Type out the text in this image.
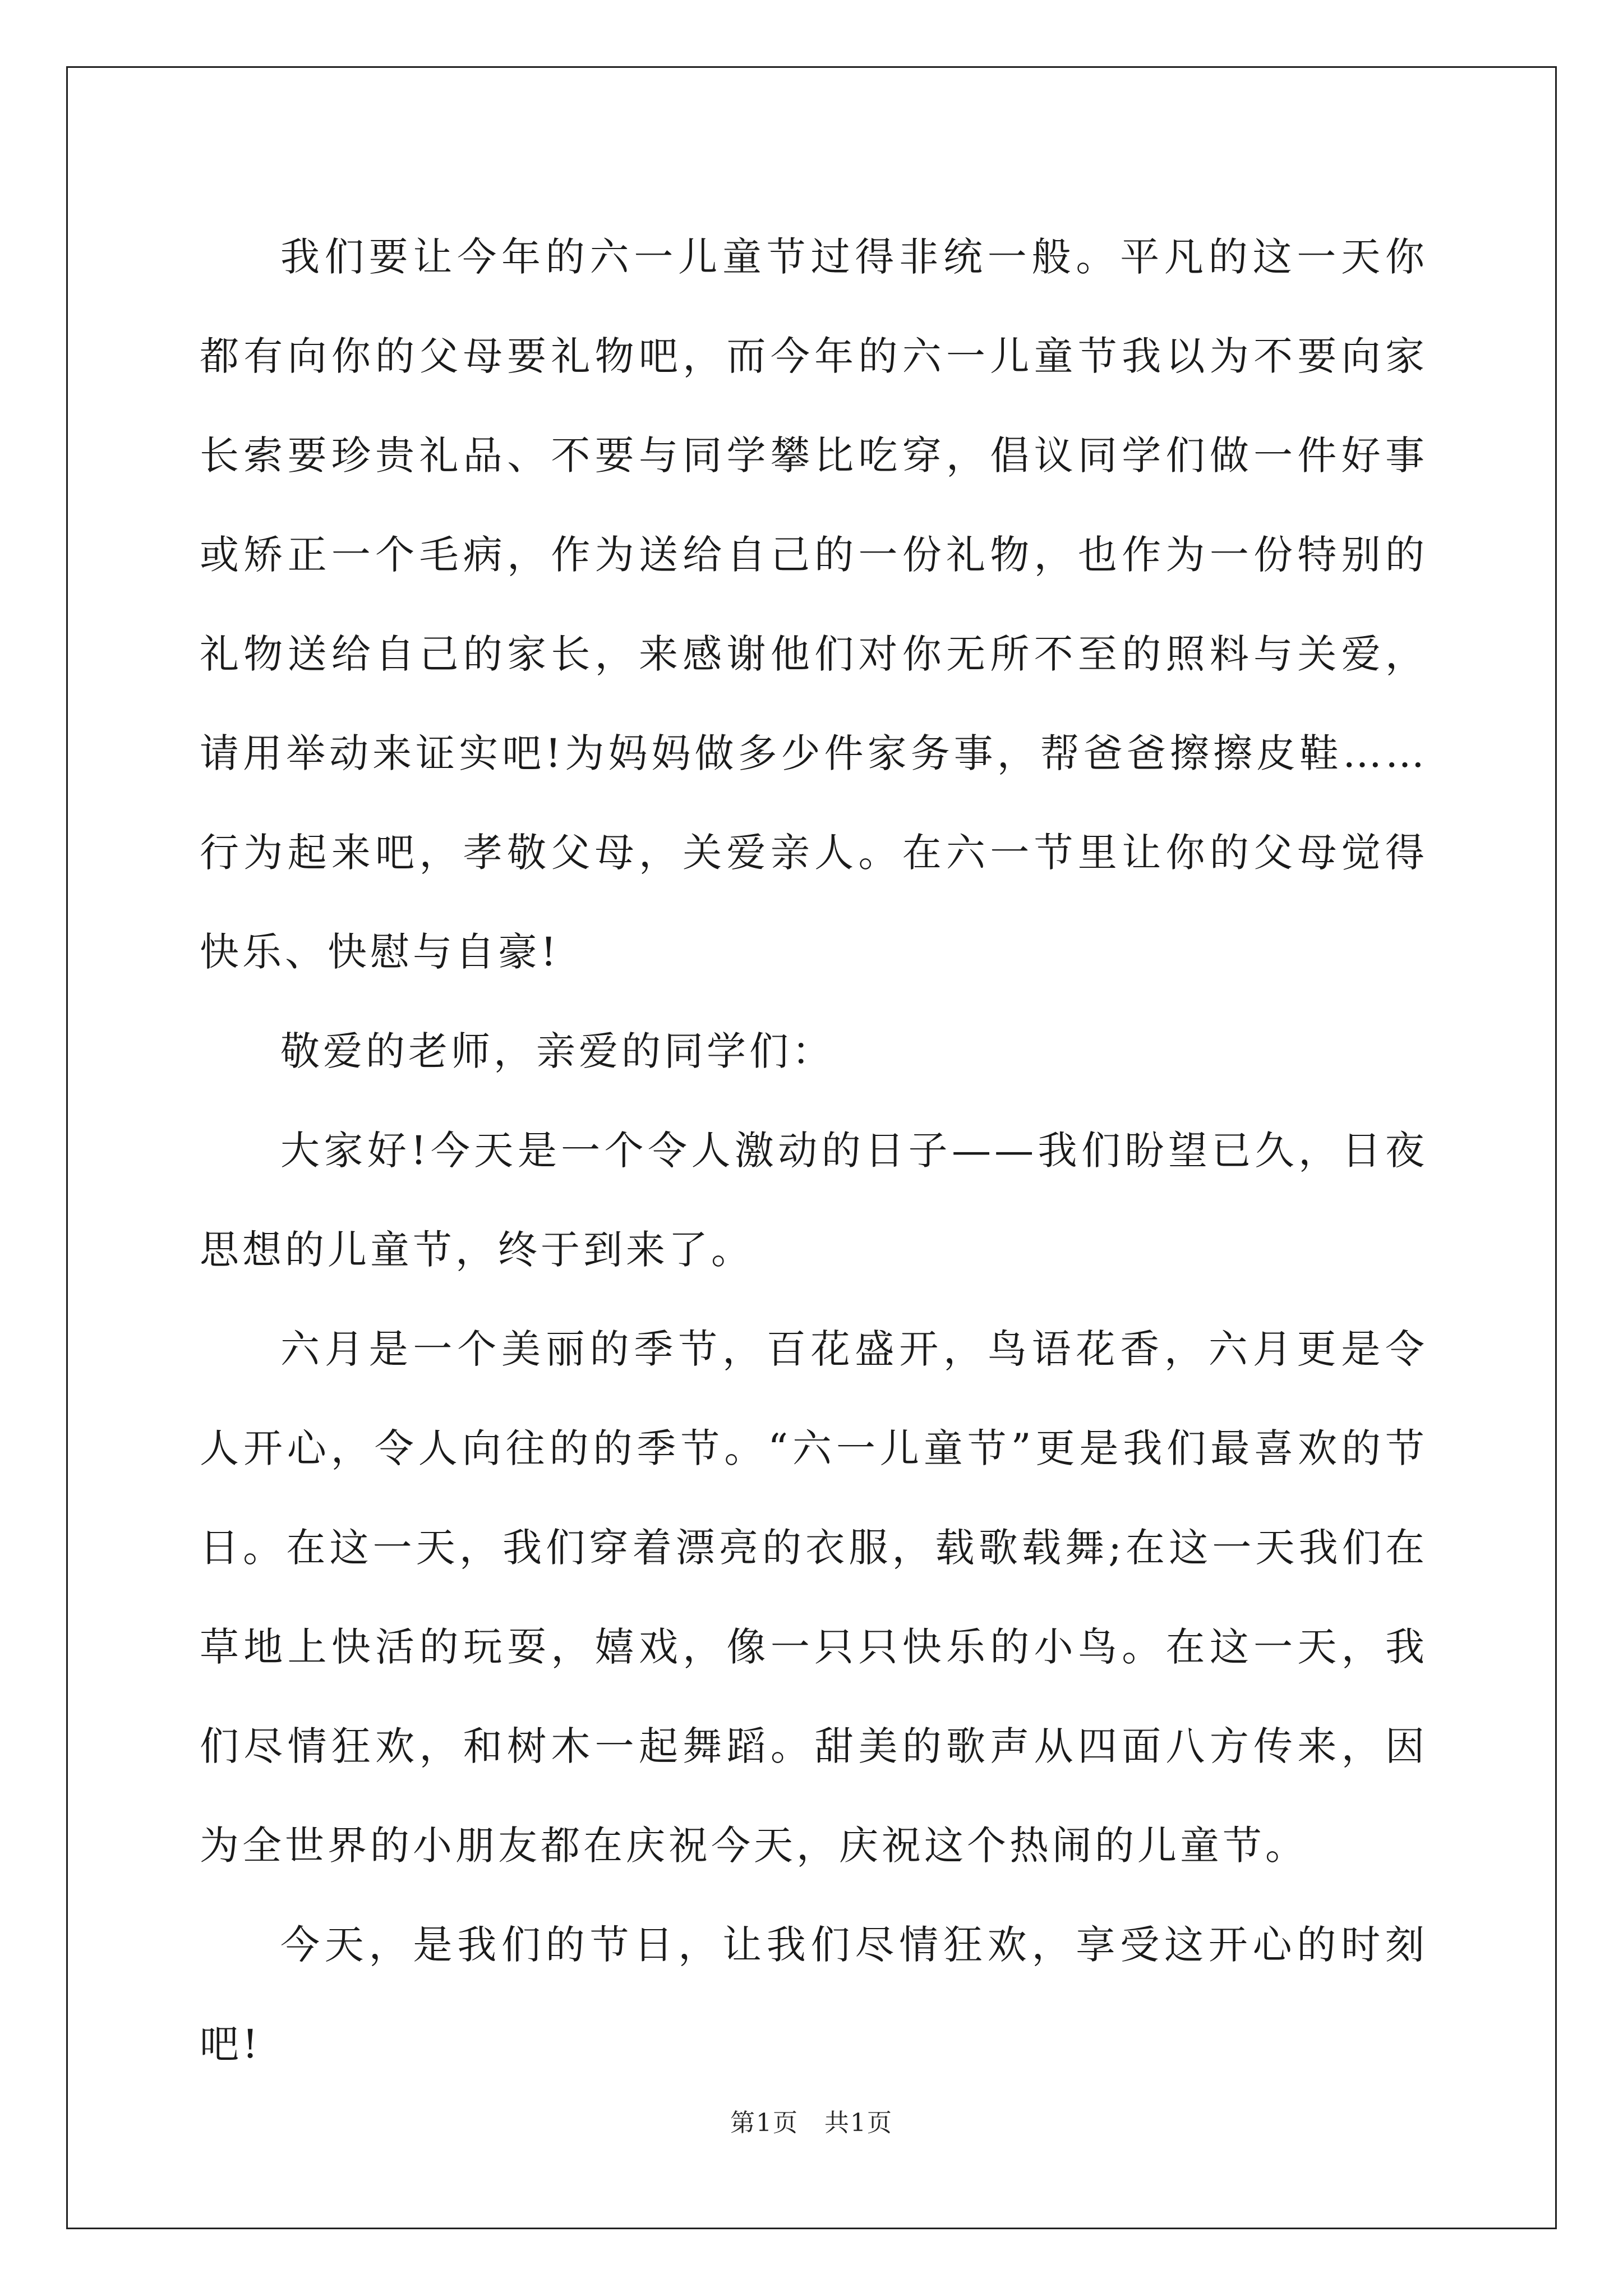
我们要让今年的六一儿童节过得非统一般。平凡的这一天你都有向你的父母要礼物吧，而今年的六一儿童节我以为不要向家长索要珍贵礼品、不要与同学攀比吃穿，倡议同学们做一件好事或矫正一个毛病，作为送给自己的一份礼物，也作为一份特别的礼物送给自己的家长，来感谢他们对你无所不至的照料与关爱，请用举动来证实吧!为妈妈做多少件家务事，帮爸爸擦擦皮鞋……行为起来吧，孝敬父母，关爱亲人。在六一节里让你的父母觉得快乐、快慰与自豪!

敬爱的老师，亲爱的同学们：

大家好!今天是一个令人激动的日子——我们盼望已久，日夜思想的儿童节，终于到来了。

六月是一个美丽的季节，百花盛开，鸟语花香，六月更是令人开心，令人向往的的季节。“六一儿童节”更是我们最喜欢的节日。在这一天，我们穿着漂亮的衣服，载歌载舞;在这一天我们在草地上快活的玩耍，嬉戏，像一只只快乐的小鸟。在这一天，我们尽情狂欢，和树木一起舞蹈。甜美的歌声从四面八方传来，因为全世界的小朋友都在庆祝今天，庆祝这个热闹的儿童节。

今天，是我们的节日，让我们尽情狂欢，享受这开心的时刻吧!

第1页　共1页
